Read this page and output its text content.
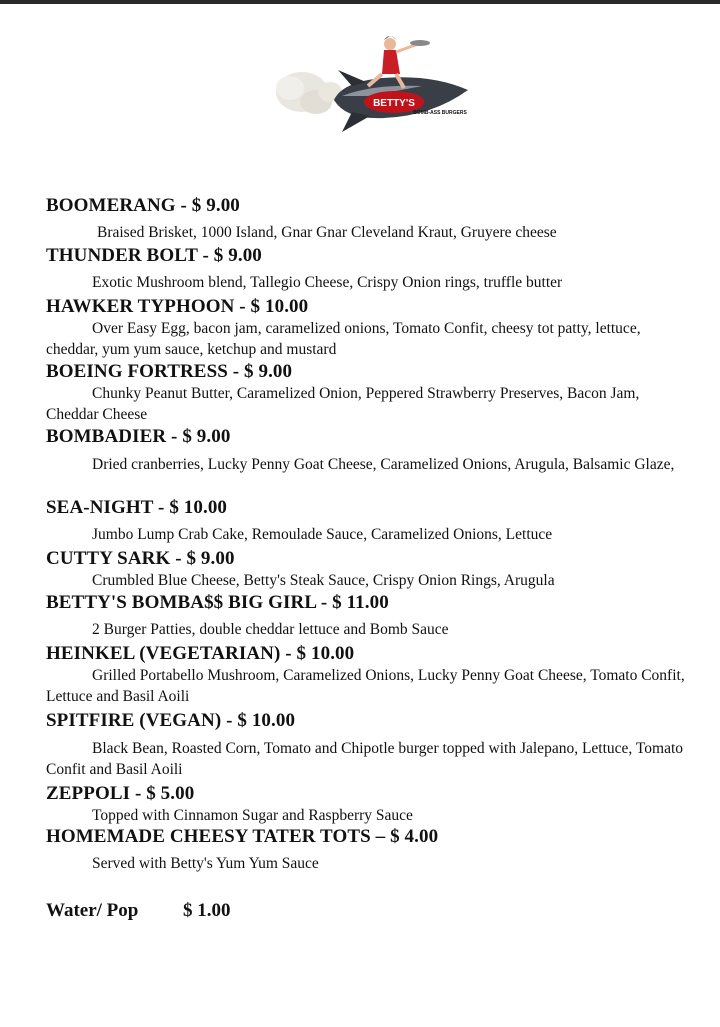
BETTY'S
BOMB-ASS BURGERS
BOOMERANG - $ 9.00
Braised Brisket, 1000 Island, Gnar Gnar Cleveland Kraut, Gruyere cheese
THUNDER BOLT - $ 9.00
Exotic Mushroom blend, Tallegio Cheese, Crispy Onion rings, truffle butter
HAWKER TYPHOON - $ 10.00
Over Easy Egg, bacon jam, caramelized onions, Tomato Confit, cheesy tot patty, lettuce, cheddar, yum yum sauce, ketchup and mustard
BOEING FORTRESS - $ 9.00
Chunky Peanut Butter, Caramelized Onion, Peppered Strawberry Preserves, Bacon Jam, Cheddar Cheese
BOMBADIER - $ 9.00
Dried cranberries, Lucky Penny Goat Cheese, Caramelized Onions, Arugula, Balsamic Glaze,
SEA-NIGHT - $ 10.00
Jumbo Lump Crab Cake, Remoulade Sauce, Caramelized Onions, Lettuce
CUTTY SARK - $ 9.00
Crumbled Blue Cheese, Betty's Steak Sauce, Crispy Onion Rings, Arugula
BETTY'S BOMBA$$ BIG GIRL - $ 11.00
2 Burger Patties, double cheddar lettuce and Bomb Sauce
HEINKEL (VEGETARIAN) - $ 10.00
Grilled Portabello Mushroom, Caramelized Onions, Lucky Penny Goat Cheese, Tomato Confit, Lettuce and Basil Aoili
SPITFIRE (VEGAN) - $ 10.00
Black Bean, Roasted Corn, Tomato and Chipotle burger topped with Jalepano, Lettuce, Tomato Confit and Basil Aoili
ZEPPOLI - $ 5.00
Topped with Cinnamon Sugar and Raspberry Sauce
HOMEMADE CHEESY TATER TOTS – $ 4.00
Served with Betty's Yum Yum Sauce
Water/ Pop $ 1.00
